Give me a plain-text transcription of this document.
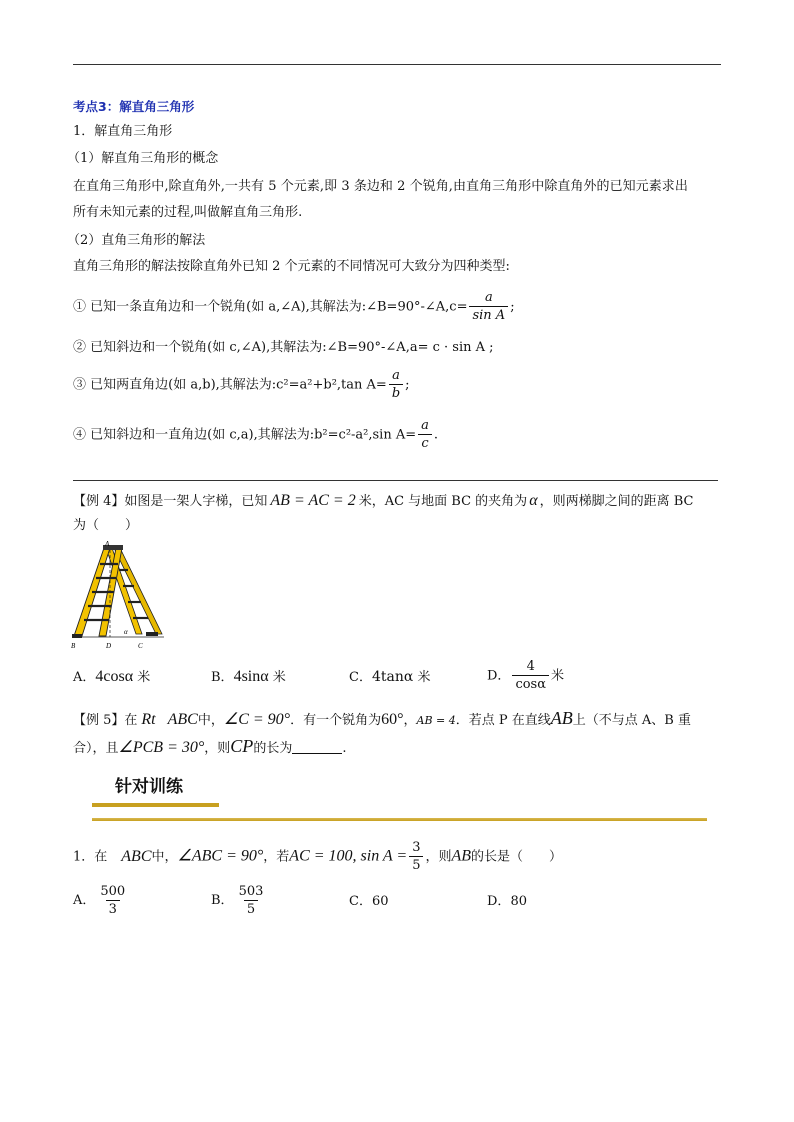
考点3：解直角三角形
1．解直角三角形
（1）解直角三角形的概念
在直角三角形中,除直角外,一共有 5 个元素,即 3 条边和 2 个锐角,由直角三角形中除直角外的已知元素求出
所有未知元素的过程,叫做解直角三角形.
（2）直角三角形的解法
直角三角形的解法按除直角外已知 2 个元素的不同情况可大致分为四种类型:
① 已知一条直角边和一个锐角(如 a,∠A),其解法为:∠B=90°-∠A,c= $\frac{a}{\text{sin A}}$ ;
② 已知斜边和一个锐角(如 c,∠A),其解法为:∠B=90°-∠A,a= c · sin A ;
③ 已知两直角边(如 a,b),其解法为:c²=a²+b²,tan $A= \frac{a}{b}$ ;
④ 已知斜边和一直角边(如 c,a),其解法为:b²=c²-a²,sin $A= \frac{a}{c}$ .
【例 4】如图是一架人字梯，已知 AB = AC = 2 米，AC 与地面 BC 的夹角为 α ，则两梯脚之间的距离 BC
为（　　）
A
B	D	C
α
A．4cosα 米	B．4sinα 米	C．4tanα 米	D． $\frac{4}{\cos\alpha}$ 米
【例 5】在 Rt ABC中，∠C = 90°．有一个锐角为60°，AB = 4．若点 P 在直线AB上（不与点 A、B 重
合），且∠PCB = 30°，则CP的长为	.
针对训练
1．在 ABC中，∠ABC = 90°，若AC = 100, $\sin A = \frac{3}{5}$ ，则AB的长是（　　）
A． $\frac{500}{3}$	B． $\frac{503}{5}$	C．60	D．80
